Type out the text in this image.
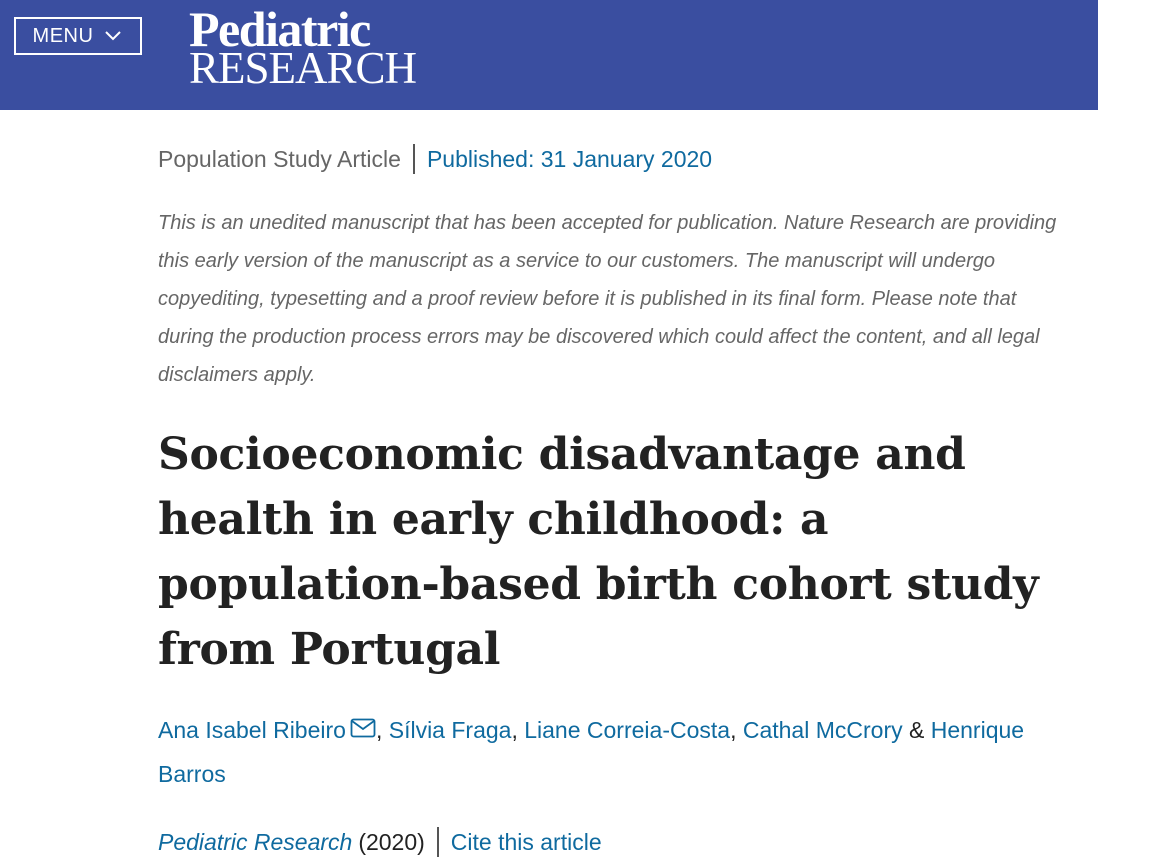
MENU Pediatric
RESEARCH
Population Study Article Published: 31 January 2020

This is an unedited manuscript that has been accepted for publication. Nature Research are providing this early version of the manuscript as a service to our customers. The manuscript will undergo copyediting, typesetting and a proof review before it is published in its final form. Please note that during the production process errors may be discovered which could affect the content, and all legal disclaimers apply.

Socioeconomic disadvantage and health in early childhood: a population-based birth cohort study from Portugal
Ana Isabel Ribeiro , Sílvia Fraga, Liane Correia-Costa, Cathal McCrory & Henrique Barros
Pediatric Research (2020) Cite this article
